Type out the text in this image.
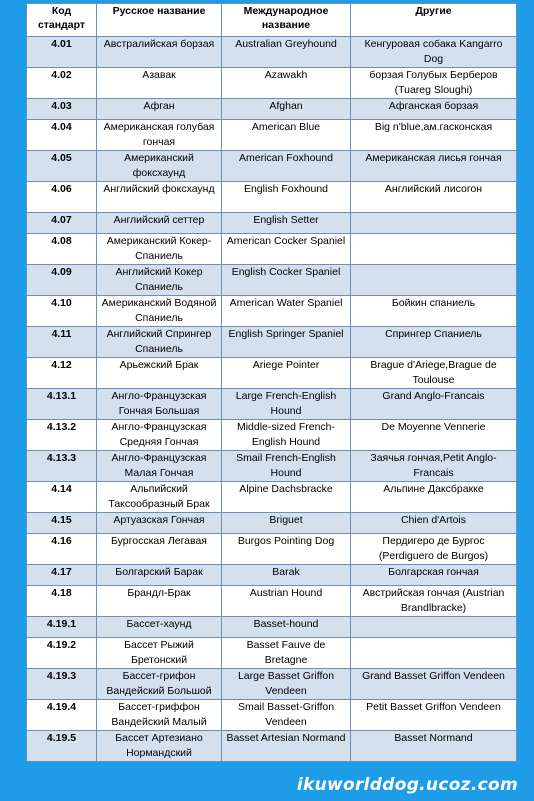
Код стандарт	Русское название	Международное название	Другие
4.01	Австралийская борзая	Australian Greyhound	Кенгуровая собака Kangarro Dog
4.02	Азавак	Azawakh	борзая Голубых Берберов (Tuareg Sloughi)
4.03	Афган	Afghan	Афганская борзая
4.04	Американская голубая гончая	American Blue	Big n'blue,ам.гасконская
4.05	Американский фоксхаунд	American Foxhound	Американская лисья гончая
4.06	Английский фоксхаунд	English Foxhound	Английский лисогон
4.07	Английский сеттер	English Setter	
4.08	Американский Кокер-Спаниель	American Cocker Spaniel	
4.09	Английский Кокер Спаниель	English Cocker Spaniel	
4.10	Американский Водяной Спаниель	American Water Spaniel	Бойкин спаниель
4.11	Английский Спрингер Спаниель	English Springer Spaniel	Спрингер Спаниель
4.12	Арьежский Брак	Ariege Pointer	Brague d'Ariege,Brague de Toulouse
4.13.1	Англо-Французская Гончая Большая	Large French-English Hound	Grand Anglo-Francais
4.13.2	Англо-Французская Средняя Гончая	Middle-sized French-English Hound	De Moyenne Vennerie
4.13.3	Англо-Французская Малая Гончая	Smail French-English Hound	Заячья гончая,Petit Anglo-Francais
4.14	Альпийский Таксообразный Брак	Alpine Dachsbracke	Альпине Даксбракке
4.15	Артуазская Гончая	Briguet	Chien d'Artois
4.16	Бургосская Легавая	Burgos Pointing Dog	Пердигеро де Бургос (Perdiguero de Burgos)
4.17	Болгарский Барак	Barak	Болгарская гончая
4.18	Брандл-Брак	Austrian Hound	Австрийская гончая (Austrian Brandlbracke)
4.19.1	Бассет-хаунд	Basset-hound	
4.19.2	Бассет Рыжий Бретонский	Basset Fauve de Bretagne	
4.19.3	Бассет-грифон Вандейский Большой	Large Basset Griffon Vendeen	Grand Basset Griffon Vendeen
4.19.4	Бассет-гриффон Вандейский Малый	Smail Basset-Griffon Vendeen	Petit Basset Griffon Vendeen
4.19.5	Бассет Артезиано Нормандский	Basset Artesian Normand	Basset Normand
ikuworlddog.ucoz.com
